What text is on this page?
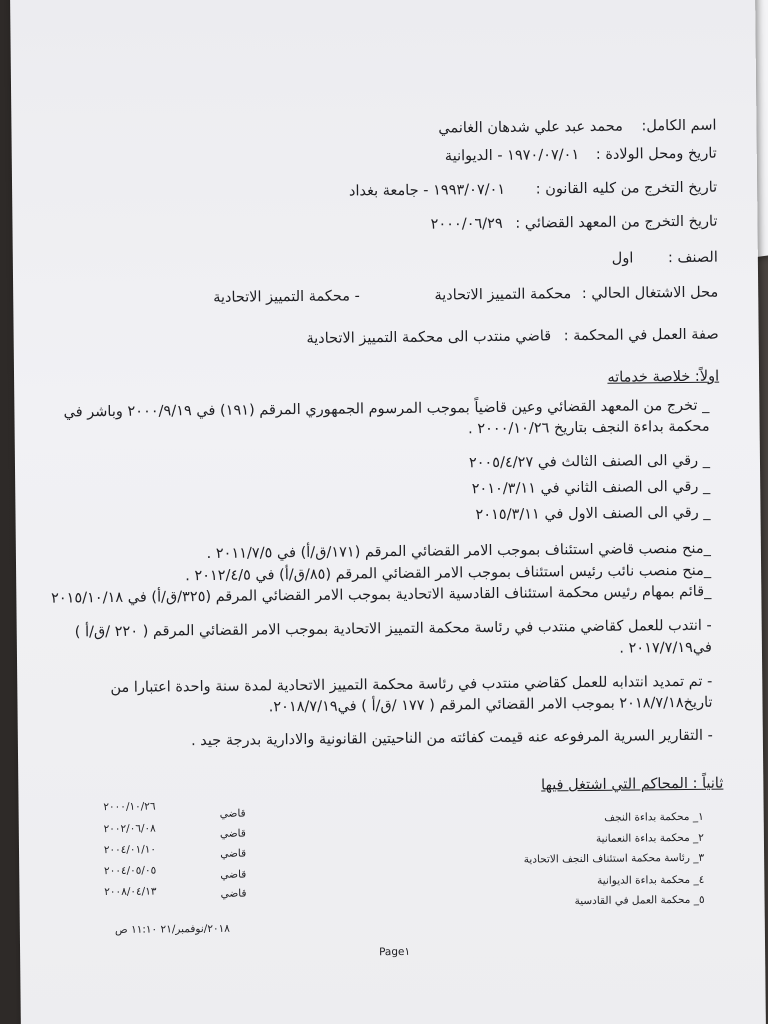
اسم الكامل: محمد عبد علي شدهان الغانمي
تاريخ ومحل الولادة : ١٩٧٠/٠٧/٠١ - الديوانية
تاريخ التخرج من كليه القانون : ١٩٩٣/٠٧/٠١ - جامعة بغداد
تاريخ التخرج من المعهد القضائي : ٢٠٠٠/٠٦/٢٩
الصنف : اول
محل الاشتغال الحالي : محكمة التمييز الاتحادية - محكمة التمييز الاتحادية
صفة العمل في المحكمة : قاضي منتدب الى محكمة التمييز الاتحادية
اولاً: خلاصة خدماته
_ تخرج من المعهد القضائي وعين قاضياً بموجب المرسوم الجمهوري المرقم (١٩١) في ٢٠٠٠/٩/١٩ وباشر في
محكمة بداءة النجف بتاريخ ٢٠٠٠/١٠/٢٦ .
_ رقي الى الصنف الثالث في ٢٠٠٥/٤/٢٧
_ رقي الى الصنف الثاني في ٢٠١٠/٣/١١
_ رقي الى الصنف الاول في ٢٠١٥/٣/١١
_منح منصب قاضي استئناف بموجب الامر القضائي المرقم (١٧١/ق/أ) في ٢٠١١/٧/٥ .
_منح منصب نائب رئيس استئناف بموجب الامر القضائي المرقم (٨٥/ق/أ) في ٢٠١٢/٤/٥ .
_قائم بمهام رئيس محكمة استئناف القادسية الاتحادية بموجب الامر القضائي المرقم (٣٢٥/ق/أ) في ٢٠١٥/١٠/١٨
- انتدب للعمل كقاضي منتدب في رئاسة محكمة التمييز الاتحادية بموجب الامر القضائي المرقم ( ٢٢٠ /ق/أ )
في٢٠١٧/٧/١٩ .
- تم تمديد انتدابه للعمل كقاضي منتدب في رئاسة محكمة التمييز الاتحادية لمدة سنة واحدة اعتبارا من
تاريخ٢٠١٨/٧/١٨ بموجب الامر القضائي المرقم ( ١٧٧ /ق/أ ) في٢٠١٨/٧/١٩.
- التقارير السرية المرفوعه عنه قيمت كفائته من الناحيتين القانونية والادارية بدرجة جيد .
ثانياً : المحاكم التي اشتغل فيها
١_ محكمة بداءة النجف
٢_ محكمة بداءة النعمانية
٣_ رئاسة محكمة استئناف النجف الاتحادية
٤_ محكمة بداءة الديوانية
٥_ محكمة العمل في القادسية
قاضي
قاضي
قاضي
قاضي
قاضي
٢٠٠٠/١٠/٢٦
٢٠٠٢/٠٦/٠٨
٢٠٠٤/٠١/١٠
٢٠٠٤/٠٥/٠٥
٢٠٠٨/٠٤/١٣
٢٠١٨/نوفمبر/٢١ ١١:١٠ ص
Page١
